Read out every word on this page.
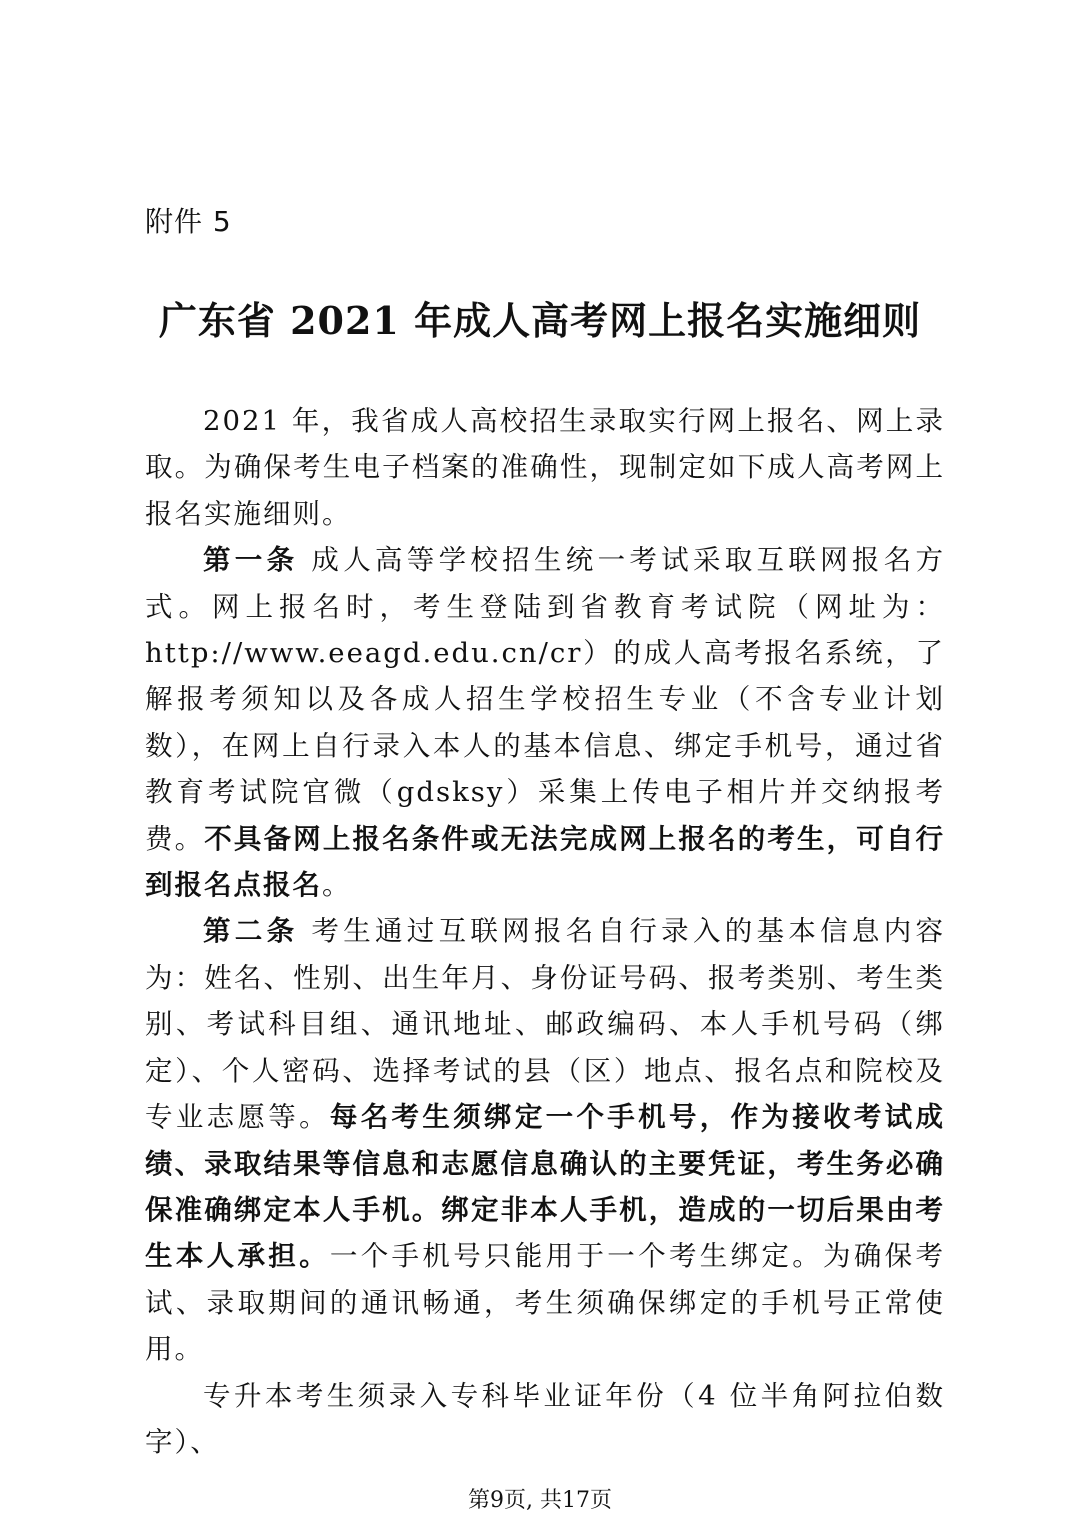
附件 5
广东省 2021 年成人高考网上报名实施细则

2021 年，我省成人高校招生录取实行网上报名、网上录取。为确保考生电子档案的准确性，现制定如下成人高考网上报名实施细则。

第一条 成人高等学校招生统一考试采取互联网报名方式。网上报名时，考生登陆到省教育考试院（网址为：http://www.eeagd.edu.cn/cr）的成人高考报名系统，了解报考须知以及各成人招生学校招生专业（不含专业计划数），在网上自行录入本人的基本信息、绑定手机号，通过省教育考试院官微（gdsksy）采集上传电子相片并交纳报考费。不具备网上报名条件或无法完成网上报名的考生，可自行到报名点报名。

第二条 考生通过互联网报名自行录入的基本信息内容为：姓名、性别、出生年月、身份证号码、报考类别、考生类别、考试科目组、通讯地址、邮政编码、本人手机号码（绑定）、个人密码、选择考试的县（区）地点、报名点和院校及专业志愿等。每名考生须绑定一个手机号，作为接收考试成绩、录取结果等信息和志愿信息确认的主要凭证，考生务必确保准确绑定本人手机。绑定非本人手机，造成的一切后果由考生本人承担。一个手机号只能用于一个考生绑定。为确保考试、录取期间的通讯畅通，考生须确保绑定的手机号正常使用。

专升本考生须录入专科毕业证年份（4 位半角阿拉伯数字）、

第9页, 共17页
